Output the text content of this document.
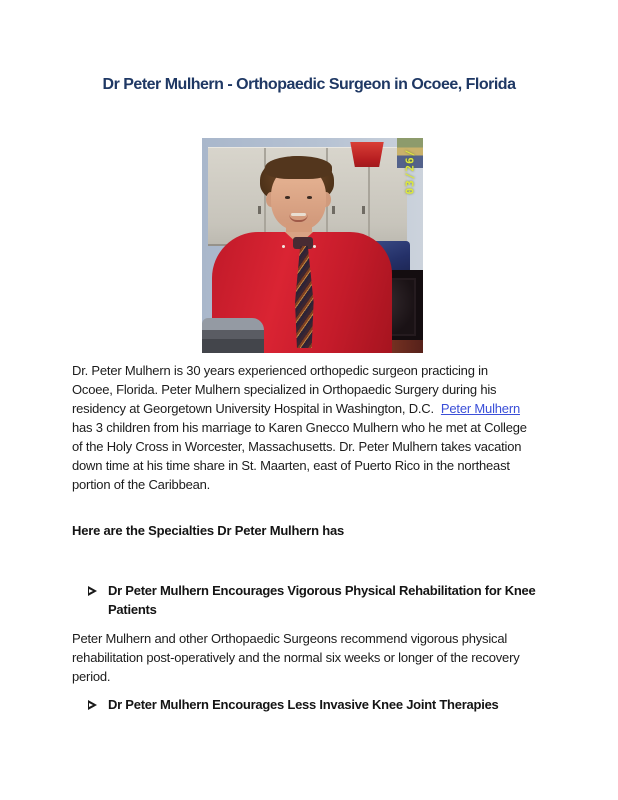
Dr Peter Mulhern - Orthopaedic Surgeon in Ocoee, Florida
03/26/
Dr. Peter Mulhern is 30 years experienced orthopedic surgeon practicing in
Ocoee, Florida. Peter Mulhern specialized in Orthopaedic Surgery during his
residency at Georgetown University Hospital in Washington, D.C. Peter Mulhern
has 3 children from his marriage to Karen Gnecco Mulhern who he met at College
of the Holy Cross in Worcester, Massachusetts. Dr. Peter Mulhern takes vacation
down time at his time share in St. Maarten, east of Puerto Rico in the northeast
portion of the Caribbean.
Here are the Specialties Dr Peter Mulhern has
Dr Peter Mulhern Encourages Vigorous Physical Rehabilitation for Knee
Patients
Peter Mulhern and other Orthopaedic Surgeons recommend vigorous physical
rehabilitation post-operatively and the normal six weeks or longer of the recovery
period.
Dr Peter Mulhern Encourages Less Invasive Knee Joint Therapies
